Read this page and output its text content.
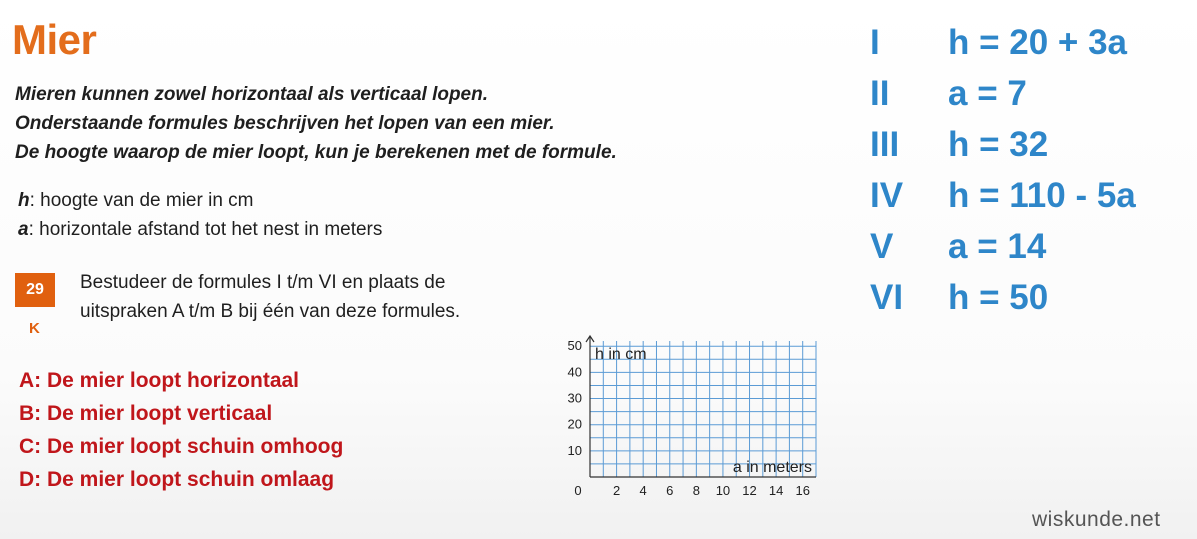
Mier
Mieren kunnen zowel horizontaal als verticaal lopen.
Onderstaande formules beschrijven het lopen van een mier.
De hoogte waarop de mier loopt, kun je berekenen met de formule.
h: hoogte van de mier in cm
a: horizontale afstand tot het nest in meters
29
K
Bestudeer de formules I t/m VI en plaats de
uitspraken A t/m B bij één van deze formules.
A: De mier loopt horizontaal
B: De mier loopt verticaal
C: De mier loopt schuin omhoog
D: De mier loopt schuin omlaag
I h = 20 + 3a
II a = 7
III h = 32
IV h = 110 - 5a
V a = 14
VI h = 50
10
20
30
40
50
2 4 6 8 10 12 14 16
0
h in cm
a in meters
wiskunde.net
